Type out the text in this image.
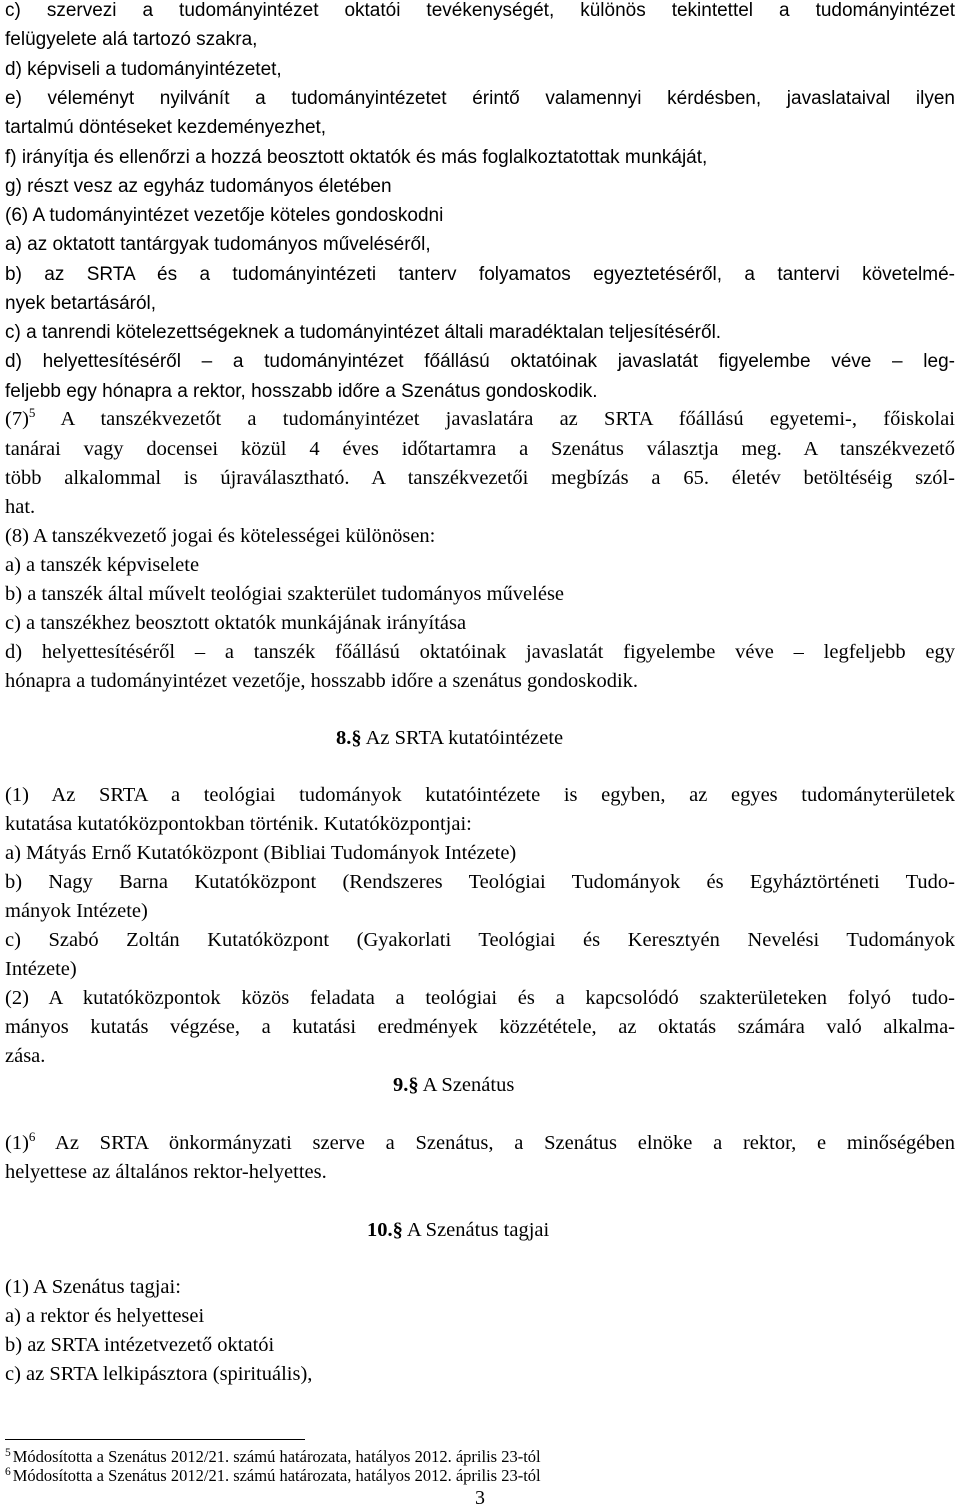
c) szervezi a tudományintézet oktatói tevékenységét, különös tekintettel a tudományintézet
felügyelete alá tartozó szakra,
d) képviseli a tudományintézetet,
e) véleményt nyilvánít a tudományintézetet érintő valamennyi kérdésben, javaslataival ilyen
tartalmú döntéseket kezdeményezhet,
f) irányítja és ellenőrzi a hozzá beosztott oktatók és más foglalkoztatottak munkáját,
g) részt vesz az egyház tudományos életében
(6) A tudományintézet vezetője köteles gondoskodni
a) az oktatott tantárgyak tudományos műveléséről,
b) az SRTA és a tudományintézeti tanterv folyamatos egyeztetéséről, a tantervi követelmé-
nyek betartásáról,
c) a tanrendi kötelezettségeknek a tudományintézet általi maradéktalan teljesítéséről.
d) helyettesítéséről – a tudományintézet főállású oktatóinak javaslatát figyelembe véve – leg-
feljebb egy hónapra a rektor, hosszabb időre a Szenátus gondoskodik.
$(7)^5$ A tanszékvezetőt a tudományintézet javaslatára az SRTA főállású egyetemi-, főiskolai
tanárai vagy docensei közül 4 éves időtartamra a Szenátus választja meg. A tanszékvezető
több alkalommal is újraválasztható. A tanszékvezetői megbízás a 65. életév betöltéséig szól-
hat.
(8) A tanszékvezető jogai és kötelességei különösen:
a) a tanszék képviselete
b) a tanszék által művelt teológiai szakterület tudományos művelése
c) a tanszékhez beosztott oktatók munkájának irányítása
d) helyettesítéséről – a tanszék főállású oktatóinak javaslatát figyelembe véve – legfeljebb egy
hónapra a tudományintézet vezetője, hosszabb időre a szenátus gondoskodik.
8.§ Az SRTA kutatóintézete
(1) Az SRTA a teológiai tudományok kutatóintézete is egyben, az egyes tudományterületek
kutatása kutatóközpontokban történik. Kutatóközpontjai:
a) Mátyás Ernő Kutatóközpont (Bibliai Tudományok Intézete)
b) Nagy Barna Kutatóközpont (Rendszeres Teológiai Tudományok és Egyháztörténeti Tudo-
mányok Intézete)
c) Szabó Zoltán Kutatóközpont (Gyakorlati Teológiai és Keresztyén Nevelési Tudományok
Intézete)
(2) A kutatóközpontok közös feladata a teológiai és a kapcsolódó szakterületeken folyó tudo-
mányos kutatás végzése, a kutatási eredmények közzététele, az oktatás számára való alkalma-
zása.
9.§ A Szenátus
$(1)^6$ Az SRTA önkormányzati szerve a Szenátus, a Szenátus elnöke a rektor, e minőségében
helyettese az általános rektor-helyettes.
10.§ A Szenátus tagjai
(1) A Szenátus tagjai:
a) a rektor és helyettesei
b) az SRTA intézetvezető oktatói
c) az SRTA lelkipásztora (spirituális),
$^5$ Módosította a Szenátus 2012/21. számú határozata, hatályos 2012. április 23-tól
$^6$ Módosította a Szenátus 2012/21. számú határozata, hatályos 2012. április 23-tól
3
